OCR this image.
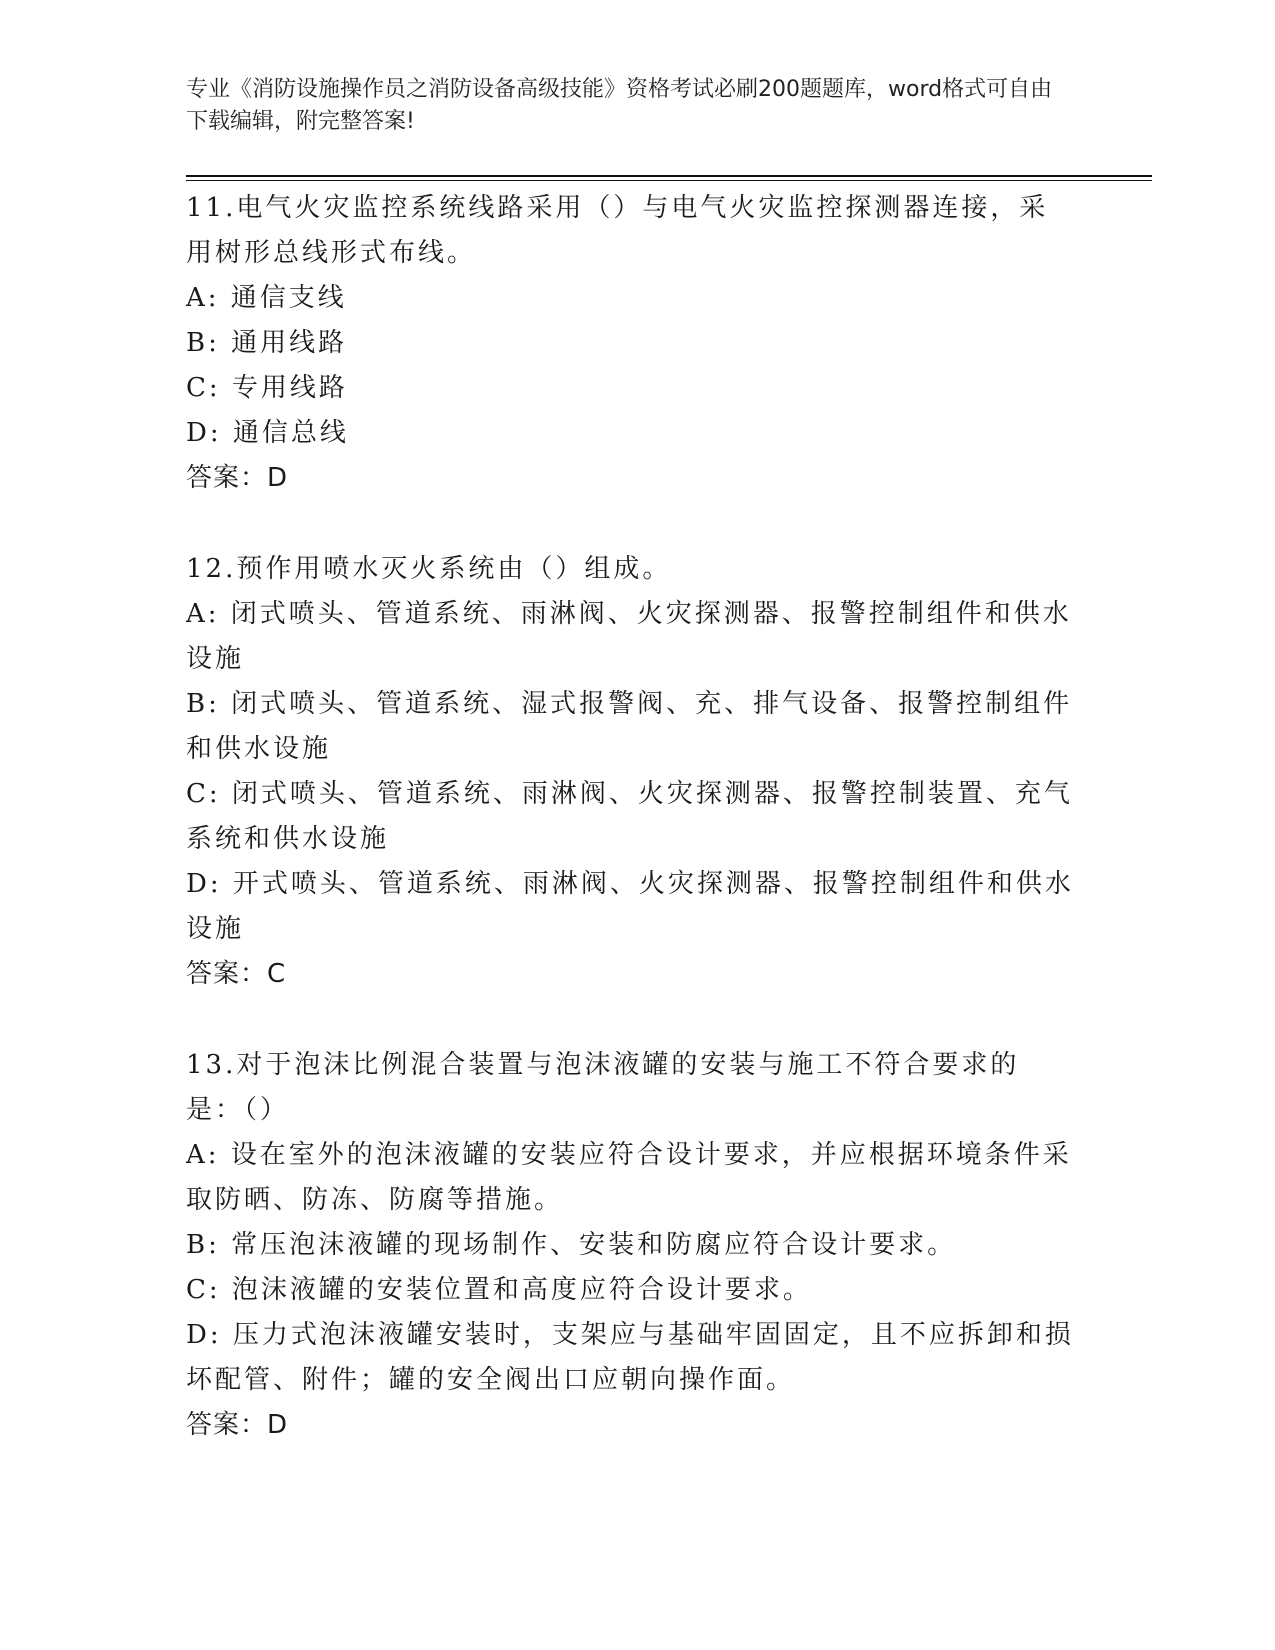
专业《消防设施操作员之消防设备高级技能》资格考试必刷200题题库，word格式可自由下载编辑，附完整答案!

11.电气火灾监控系统线路采用（）与电气火灾监控探测器连接，采用树形总线形式布线。

A: 通信支线

B: 通用线路

C: 专用线路

D: 通信总线

答案：D

12.预作用喷水灭火系统由（）组成。

A: 闭式喷头、管道系统、雨淋阀、火灾探测器、报警控制组件和供水设施

B: 闭式喷头、管道系统、湿式报警阀、充、排气设备、报警控制组件和供水设施

C: 闭式喷头、管道系统、雨淋阀、火灾探测器、报警控制装置、充气系统和供水设施

D: 开式喷头、管道系统、雨淋阀、火灾探测器、报警控制组件和供水设施

答案：C

13.对于泡沫比例混合装置与泡沫液罐的安装与施工不符合要求的是：（）

A: 设在室外的泡沫液罐的安装应符合设计要求，并应根据环境条件采取防晒、防冻、防腐等措施。

B: 常压泡沫液罐的现场制作、安装和防腐应符合设计要求。

C: 泡沫液罐的安装位置和高度应符合设计要求。

D: 压力式泡沫液罐安装时，支架应与基础牢固固定，且不应拆卸和损坏配管、附件；罐的安全阀出口应朝向操作面。

答案：D
